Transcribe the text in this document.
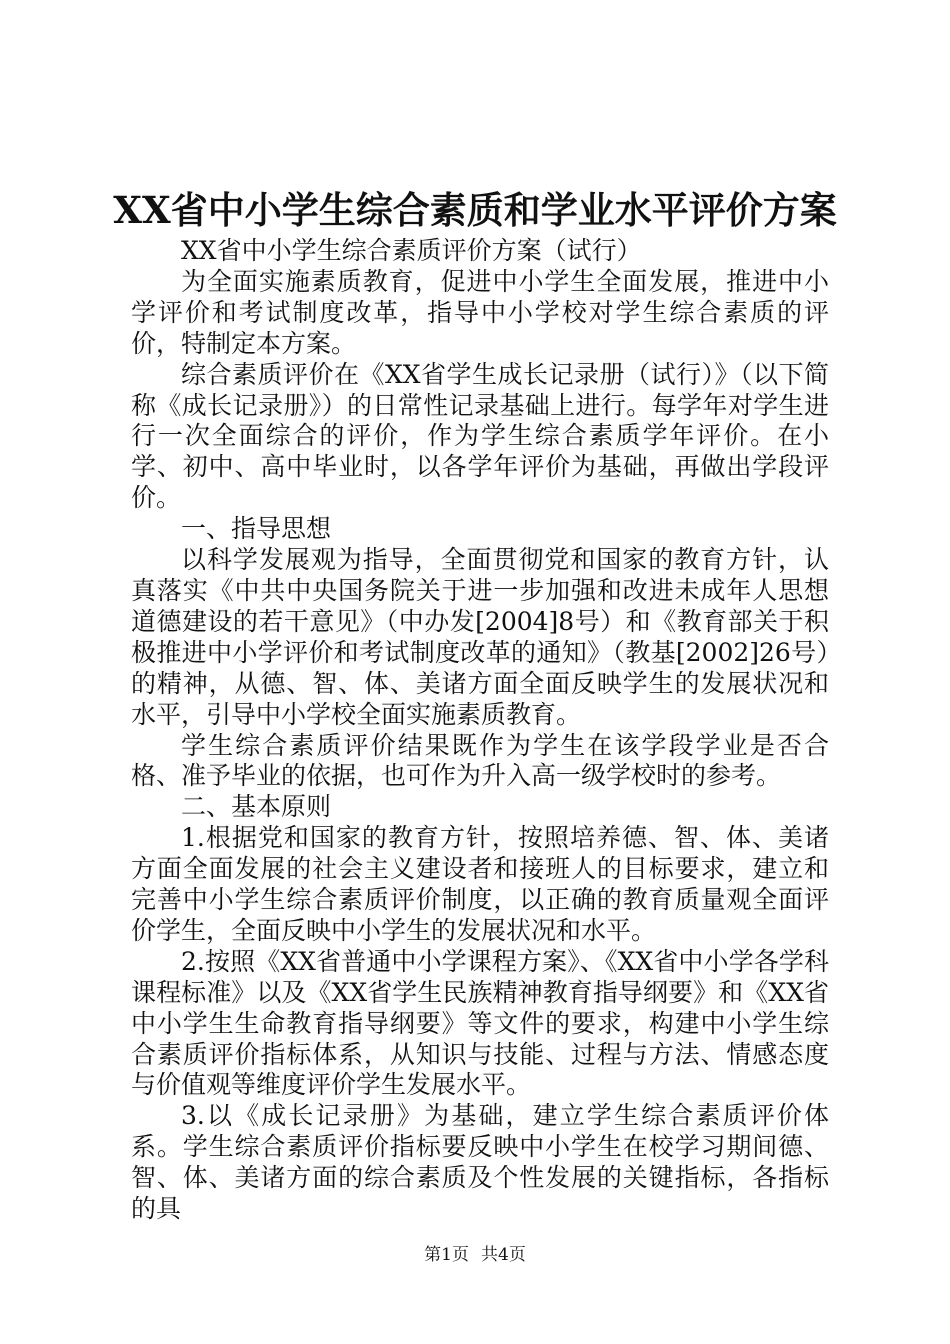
XX省中小学生综合素质和学业水平评价方案

XX省中小学生综合素质评价方案（试行）

为全面实施素质教育，促进中小学生全面发展，推进中小学评价和考试制度改革，指导中小学校对学生综合素质的评价，特制定本方案。

综合素质评价在《XX省学生成长记录册（试行）》（以下简称《成长记录册》）的日常性记录基础上进行。每学年对学生进行一次全面综合的评价，作为学生综合素质学年评价。在小学、初中、高中毕业时，以各学年评价为基础，再做出学段评价。

一、指导思想

以科学发展观为指导，全面贯彻党和国家的教育方针，认真落实《中共中央国务院关于进一步加强和改进未成年人思想道德建设的若干意见》（中办发[2004]8号）和《教育部关于积极推进中小学评价和考试制度改革的通知》（教基[2002]26号）的精神，从德、智、体、美诸方面全面反映学生的发展状况和水平，引导中小学校全面实施素质教育。

学生综合素质评价结果既作为学生在该学段学业是否合格、准予毕业的依据，也可作为升入高一级学校时的参考。

二、基本原则

1.根据党和国家的教育方针，按照培养德、智、体、美诸方面全面发展的社会主义建设者和接班人的目标要求，建立和完善中小学生综合素质评价制度，以正确的教育质量观全面评价学生，全面反映中小学生的发展状况和水平。

2.按照《XX省普通中小学课程方案》、《XX省中小学各学科课程标准》以及《XX省学生民族精神教育指导纲要》和《XX省中小学生生命教育指导纲要》等文件的要求，构建中小学生综合素质评价指标体系，从知识与技能、过程与方法、情感态度与价值观等维度评价学生发展水平。

3.以《成长记录册》为基础，建立学生综合素质评价体系。学生综合素质评价指标要反映中小学生在校学习期间德、智、体、美诸方面的综合素质及个性发展的关键指标，各指标的具

第1页 共4页
